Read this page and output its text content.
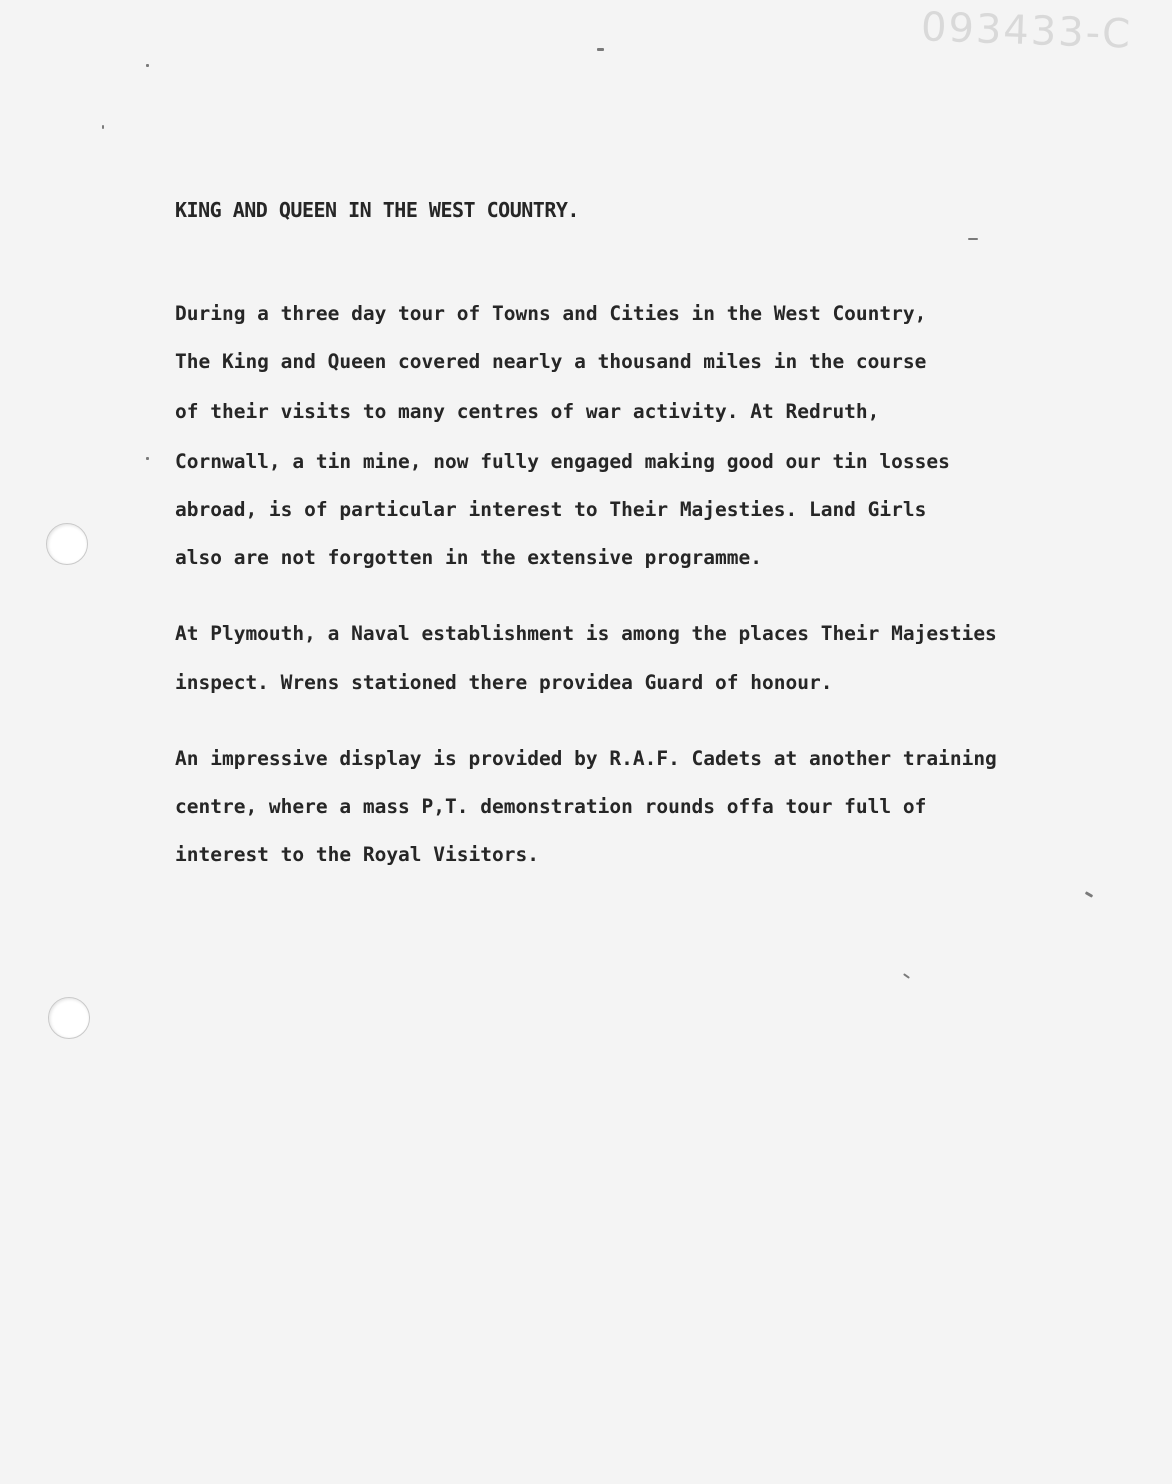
093433-C
KING AND QUEEN IN THE WEST COUNTRY.

During a three day tour of Towns and Cities in the West Country,

The King and Queen covered nearly a thousand miles in the course

of their visits to many centres of war activity. At Redruth,

Cornwall, a tin mine, now fully engaged making good our tin losses

abroad, is of particular interest to Their Majesties. Land Girls

also are not forgotten in the extensive programme.

At Plymouth, a Naval establishment is among the places Their Majesties

inspect. Wrens stationed there providea Guard of honour.

An impressive display is provided by R.A.F. Cadets at another training

centre, where a mass P,T. demonstration rounds offa tour full of

interest to the Royal Visitors.
